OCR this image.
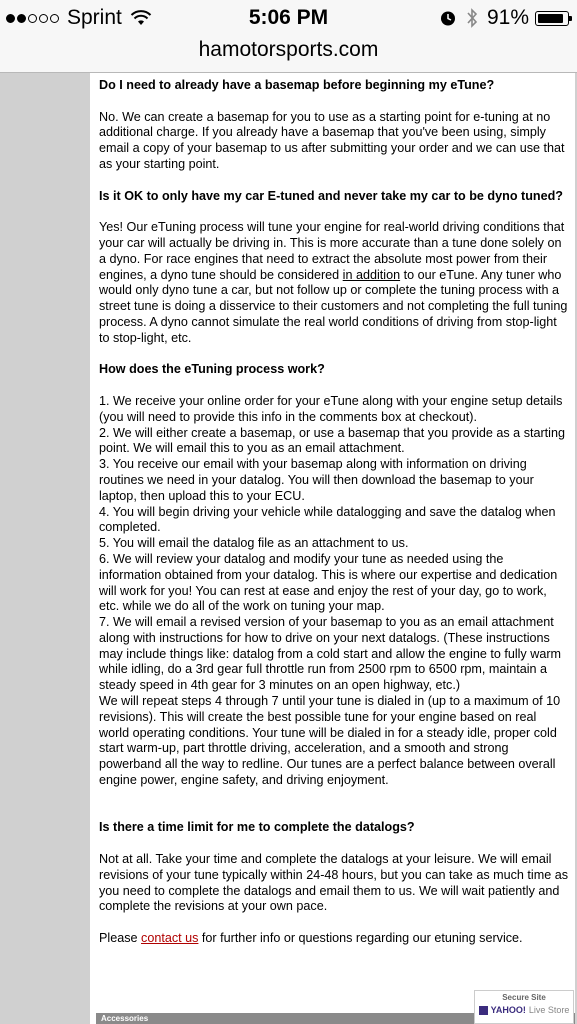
Sprint	5:06 PM	91%
hamotorsports.com

Do I need to already have a basemap before beginning my eTune?

No. We can create a basemap for you to use as a starting point for e-tuning at no additional charge. If you already have a basemap that you've been using, simply email a copy of your basemap to us after submitting your order and we can use that as your starting point.

Is it OK to only have my car E-tuned and never take my car to be dyno tuned?

Yes! Our eTuning process will tune your engine for real-world driving conditions that your car will actually be driving in. This is more accurate than a tune done solely on a dyno. For race engines that need to extract the absolute most power from their engines, a dyno tune should be considered in addition to our eTune. Any tuner who would only dyno tune a car, but not follow up or complete the tuning process with a street tune is doing a disservice to their customers and not completing the full tuning process. A dyno cannot simulate the real world conditions of driving from stop-light to stop-light, etc.

How does the eTuning process work?

1. We receive your online order for your eTune along with your engine setup details (you will need to provide this info in the comments box at checkout).

2. We will either create a basemap, or use a basemap that you provide as a starting point. We will email this to you as an email attachment.

3. You receive our email with your basemap along with information on driving routines we need in your datalog. You will then download the basemap to your laptop, then upload this to your ECU.

4. You will begin driving your vehicle while datalogging and save the datalog when completed.

5. You will email the datalog file as an attachment to us.

6. We will review your datalog and modify your tune as needed using the information obtained from your datalog. This is where our expertise and dedication will work for you! You can rest at ease and enjoy the rest of your day, go to work, etc. while we do all of the work on tuning your map.

7. We will email a revised version of your basemap to you as an email attachment along with instructions for how to drive on your next datalogs. (These instructions may include things like: datalog from a cold start and allow the engine to fully warm while idling, do a 3rd gear full throttle run from 2500 rpm to 6500 rpm, maintain a steady speed in 4th gear for 3 minutes on an open highway, etc.)

We will repeat steps 4 through 7 until your tune is dialed in (up to a maximum of 10 revisions). This will create the best possible tune for your engine based on real world operating conditions. Your tune will be dialed in for a steady idle, proper cold start warm-up, part throttle driving, acceleration, and a smooth and strong powerband all the way to redline. Our tunes are a perfect balance between overall engine power, engine safety, and driving enjoyment.

Is there a time limit for me to complete the datalogs?

Not at all. Take your time and complete the datalogs at your leisure. We will email revisions of your tune typically within 24-48 hours, but you can take as much time as you need to complete the datalogs and email them to us. We will wait patiently and complete the revisions at your own pace.

Please contact us for further info or questions regarding our etuning service.

Accessories
Secure Site
YAHOO! Live Store
